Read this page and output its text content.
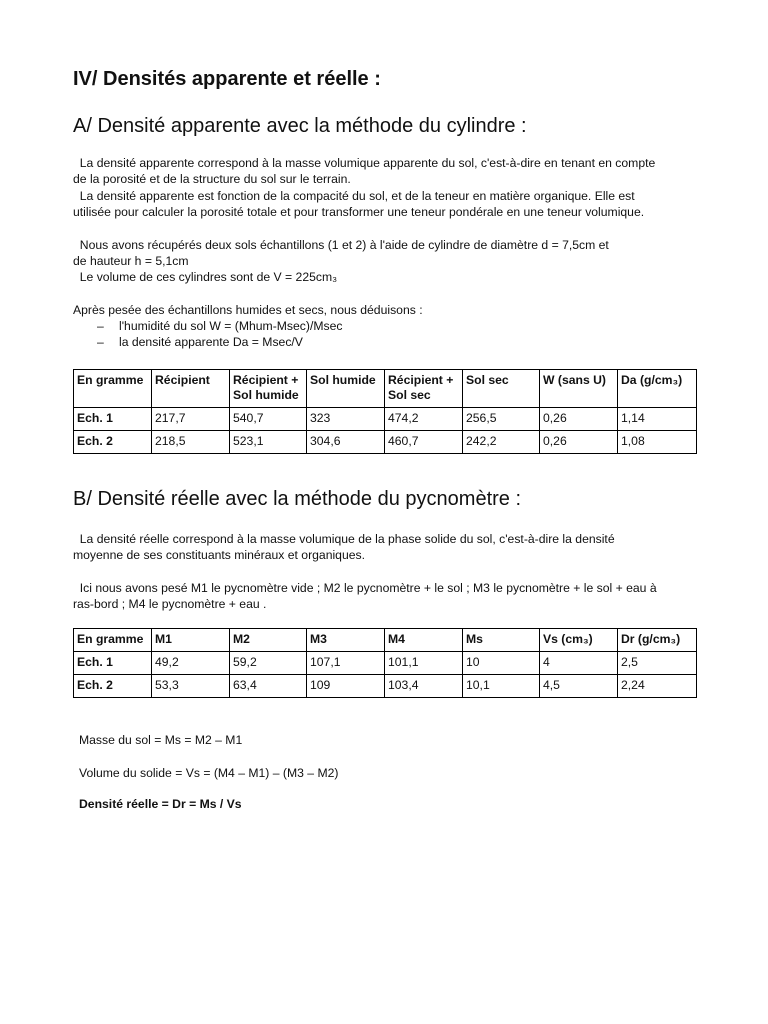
IV/ Densités apparente et réelle :
A/ Densité apparente avec la méthode du cylindre :

La densité apparente correspond à la masse volumique apparente du sol, c'est-à-dire en tenant en compte
de la porosité et de la structure du sol sur le terrain.

La densité apparente est fonction de la compacité du sol, et de la teneur en matière organique. Elle est
utilisée pour calculer la porosité totale et pour transformer une teneur pondérale en une teneur volumique.

Nous avons récupérés deux sols échantillons (1 et 2) à l'aide de cylindre de diamètre d = 7,5cm et
de hauteur h = 5,1cm
Le volume de ces cylindres sont de V = 225cm₃

Après pesée des échantillons humides et secs, nous déduisons :

– l'humidité du sol W = (Mhum-Msec)/Msec
– la densité apparente Da = Msec/V
En gramme	Récipient	Récipient + Sol humide	Sol humide	Récipient + Sol sec	Sol sec	W (sans U)	Da (g/cm₃)
Ech. 1	217,7	540,7	323	474,2	256,5	0,26	1,14
Ech. 2	218,5	523,1	304,6	460,7	242,2	0,26	1,08
B/ Densité réelle avec la méthode du pycnomètre :

La densité réelle correspond à la masse volumique de la phase solide du sol, c'est-à-dire la densité
moyenne de ses constituants minéraux et organiques.

Ici nous avons pesé M1 le pycnomètre vide ; M2 le pycnomètre + le sol ; M3 le pycnomètre + le sol + eau à
ras-bord ; M4 le pycnomètre + eau .

En gramme	M1	M2	M3	M4	Ms	Vs (cm₃)	Dr (g/cm₃)
Ech. 1	49,2	59,2	107,1	101,1	10	4	2,5
Ech. 2	53,3	63,4	109	103,4	10,1	4,5	2,24

Masse du sol = Ms = M2 – M1

Volume du solide = Vs = (M4 – M1) – (M3 – M2)

Densité réelle = Dr = Ms / Vs
